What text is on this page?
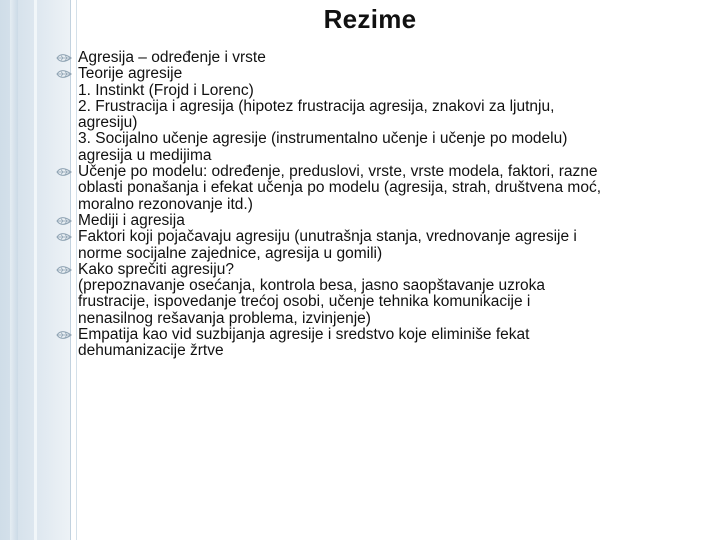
Rezime
Agresija – određenje i vrste
Teorije agresije
1. Instinkt (Frojd i Lorenc)
2. Frustracija i agresija (hipotez frustracija agresija, znakovi za ljutnju,
agresiju)
3. Socijalno učenje agresije (instrumentalno učenje i učenje po modelu)
agresija u medijima
Učenje po modelu: određenje, preduslovi, vrste, vrste modela, faktori, razne
oblasti ponašanja i efekat učenja po modelu (agresija, strah, društvena moć,
moralno rezonovanje itd.)
Mediji i agresija
Faktori koji pojačavaju agresiju (unutrašnja stanja, vrednovanje agresije i
norme socijalne zajednice, agresija u gomili)
Kako sprečiti agresiju?
(prepoznavanje osećanja, kontrola besa, jasno saopštavanje uzroka
frustracije, ispovedanje trećoj osobi, učenje tehnika komunikacije i
nenasilnog rešavanja problema, izvinjenje)
Empatija kao vid suzbijanja agresije i sredstvo koje eliminiše fekat
dehumanizacije žrtve
